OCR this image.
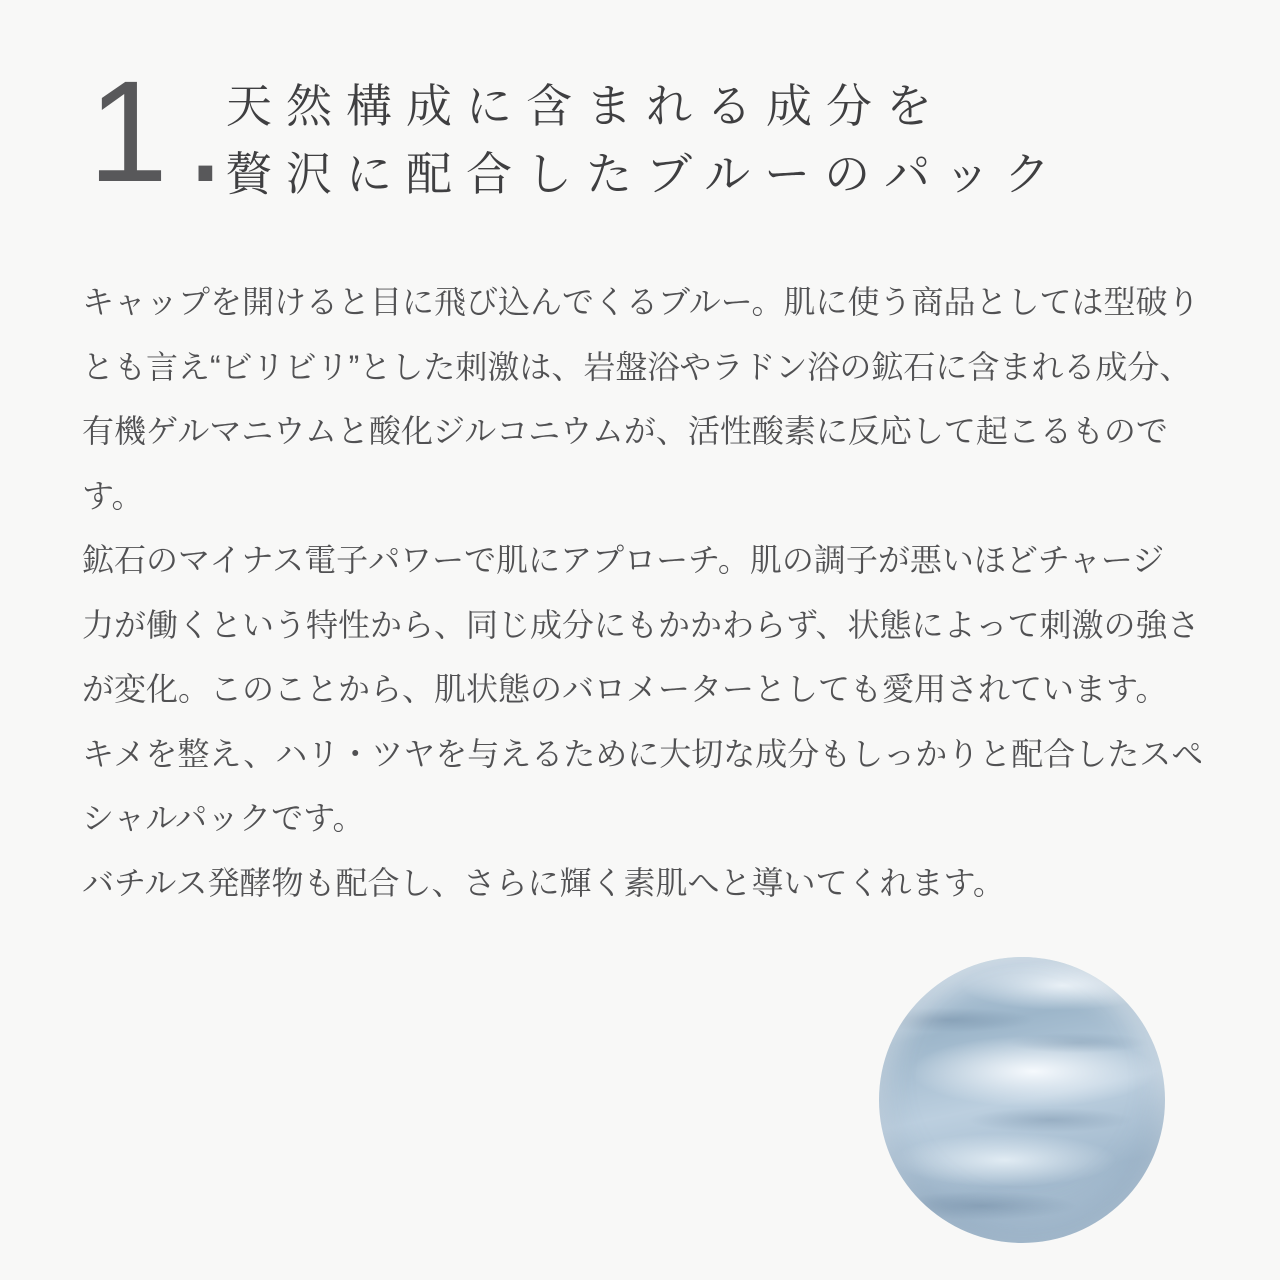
1.
天然構成に含まれる成分を
贅沢に配合したブルーのパック
キャップを開けると目に飛び込んでくるブルー。肌に使う商品としては型破り
とも言え“ビリビリ”とした刺激は、岩盤浴やラドン浴の鉱石に含まれる成分、
有機ゲルマニウムと酸化ジルコニウムが、活性酸素に反応して起こるもので
す。
鉱石のマイナス電子パワーで肌にアプローチ。肌の調子が悪いほどチャージ
力が働くという特性から、同じ成分にもかかわらず、状態によって刺激の強さ
が変化。このことから、肌状態のバロメーターとしても愛用されています。
キメを整え、ハリ・ツヤを与えるために大切な成分もしっかりと配合したスペ
シャルパックです。
バチルス発酵物も配合し、さらに輝く素肌へと導いてくれます。
